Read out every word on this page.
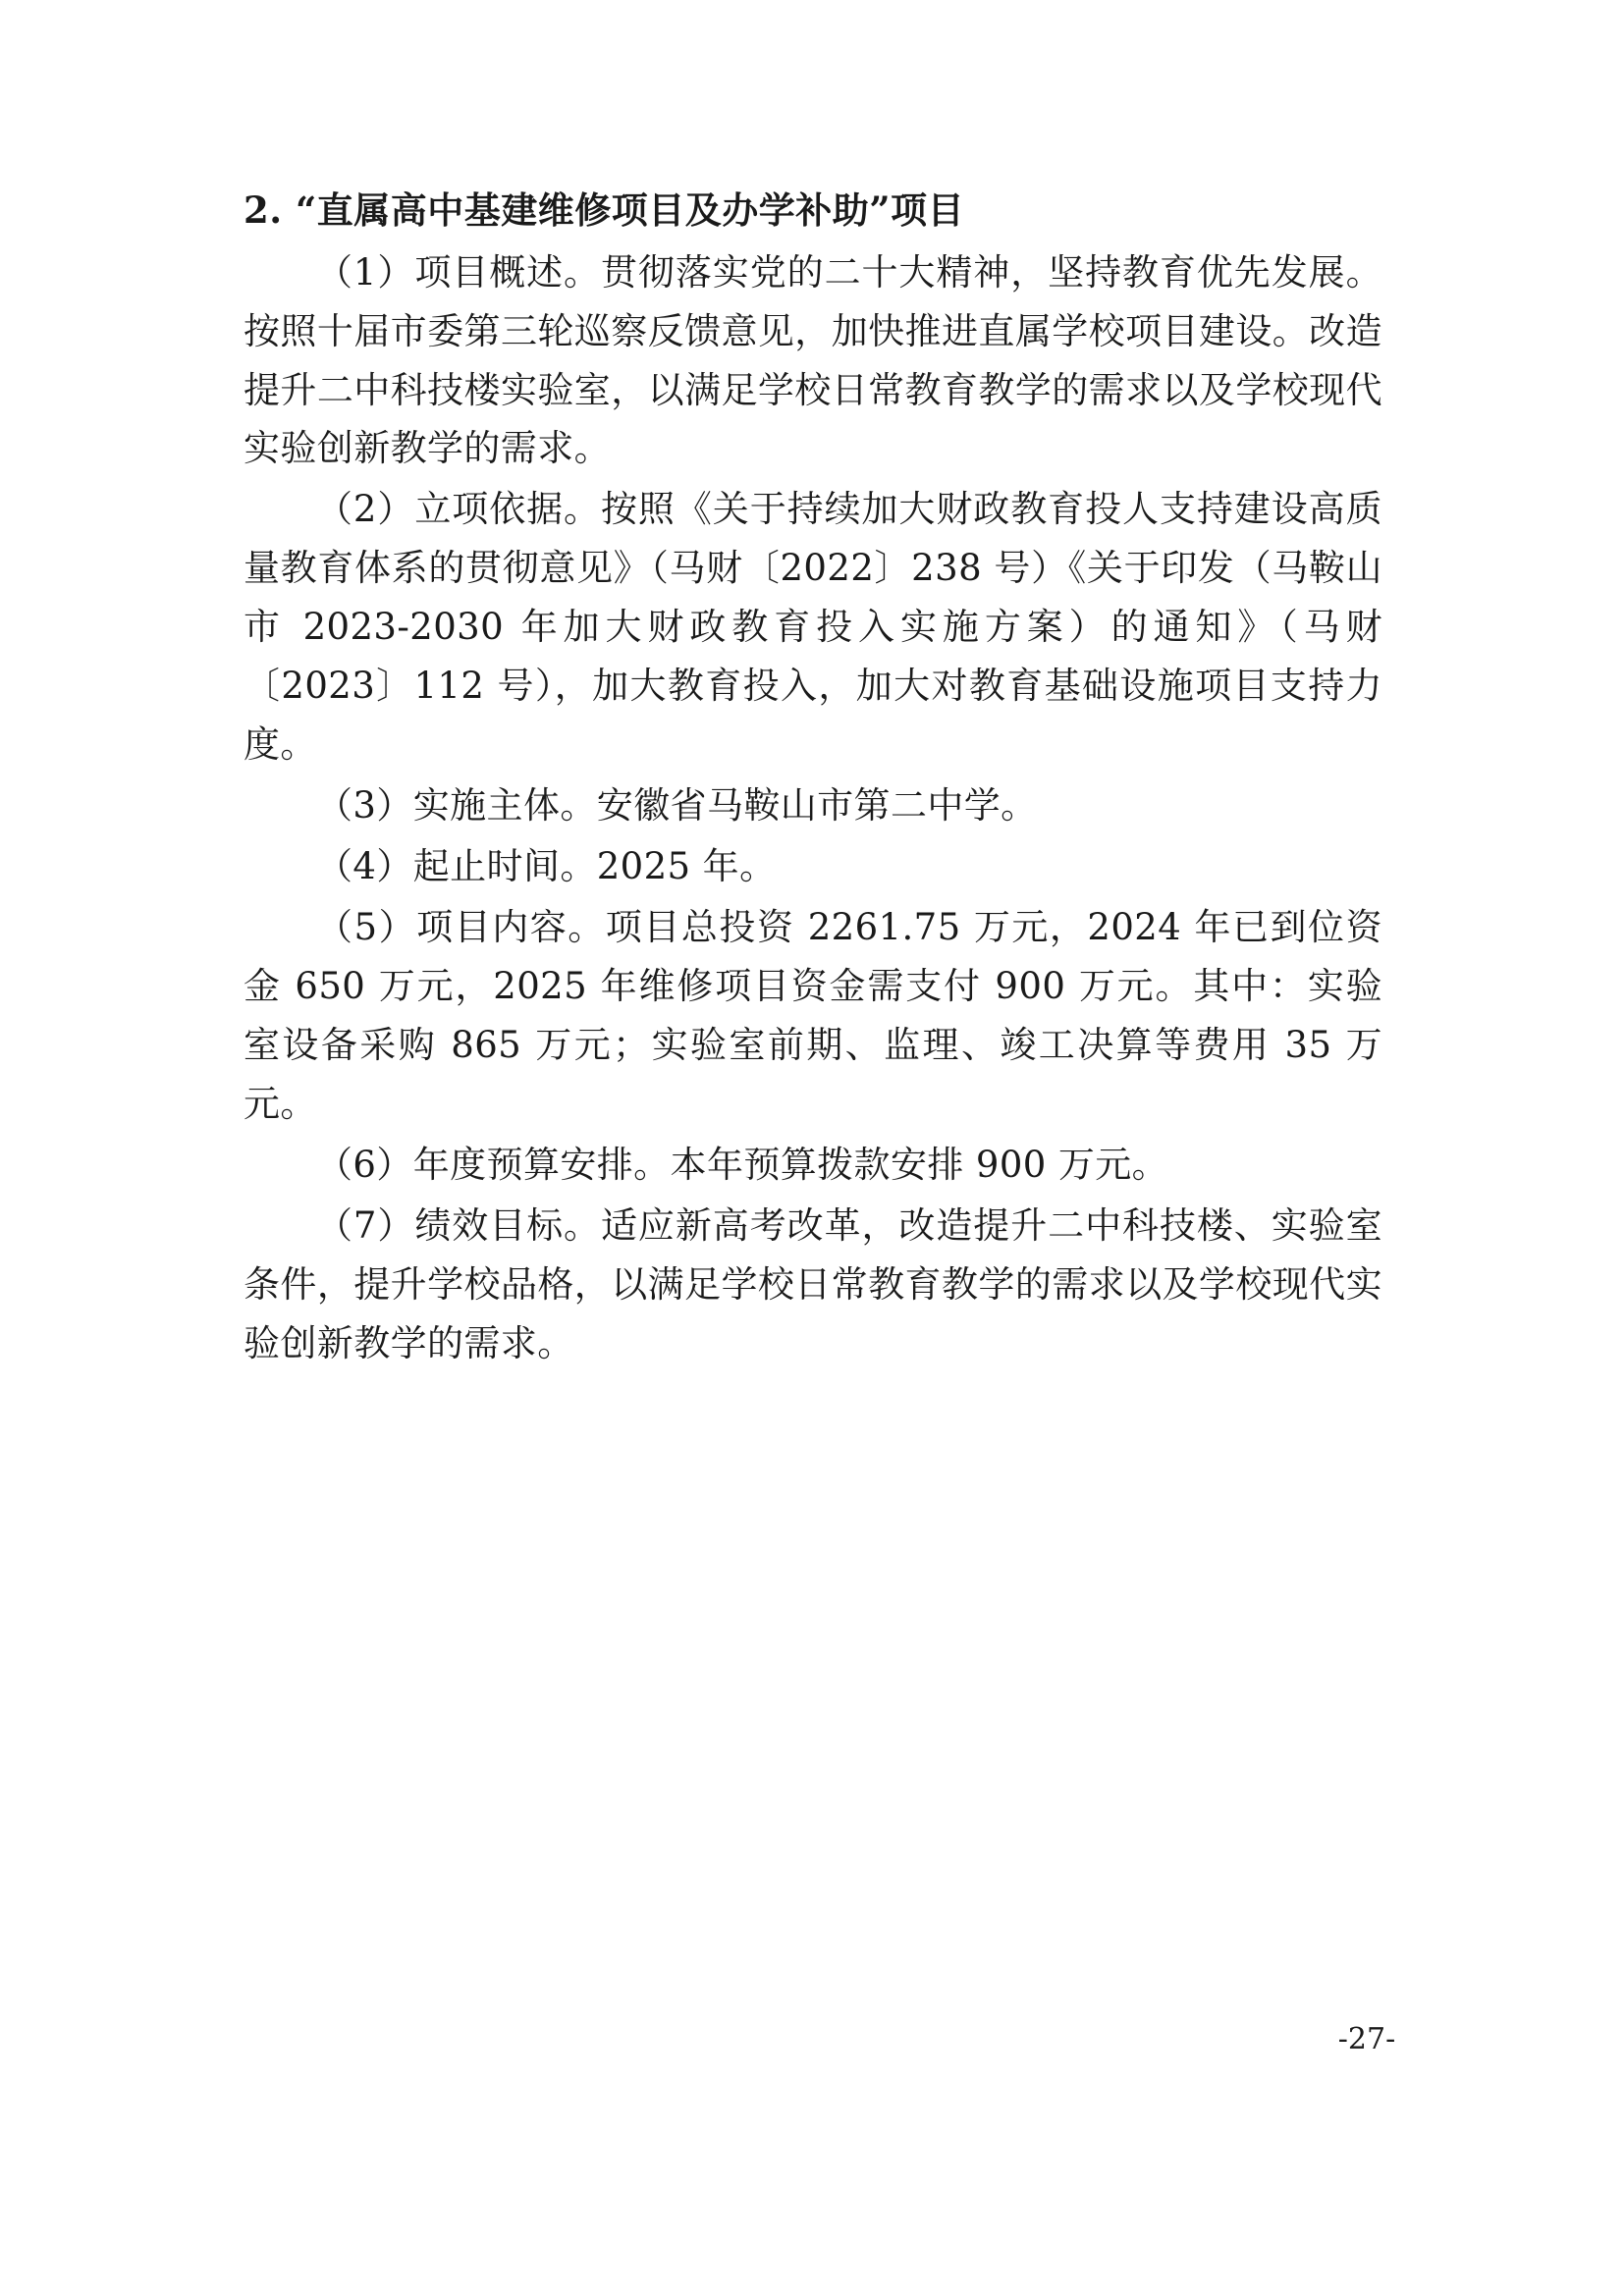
2. “直属高中基建维修项目及办学补助”项目

（1）项目概述。贯彻落实党的二十大精神，坚持教育优先发展。按照十届市委第三轮巡察反馈意见，加快推进直属学校项目建设。改造提升二中科技楼实验室，以满足学校日常教育教学的需求以及学校现代实验创新教学的需求。

（2）立项依据。按照《关于持续加大财政教育投人支持建设高质量教育体系的贯彻意见》（马财〔2022〕238 号）《关于印发（马鞍山市 2023-2030 年加大财政教育投入实施方案）的通知》（马财〔2023〕112 号），加大教育投入，加大对教育基础设施项目支持力度。

（3）实施主体。安徽省马鞍山市第二中学。

（4）起止时间。2025 年。

（5）项目内容。项目总投资 2261.75 万元，2024 年已到位资金 650 万元，2025 年维修项目资金需支付 900 万元。其中：实验室设备采购 865 万元；实验室前期、监理、竣工决算等费用 35 万元。

（6）年度预算安排。本年预算拨款安排 900 万元。

（7）绩效目标。适应新高考改革，改造提升二中科技楼、实验室条件，提升学校品格，以满足学校日常教育教学的需求以及学校现代实验创新教学的需求。

-27-
